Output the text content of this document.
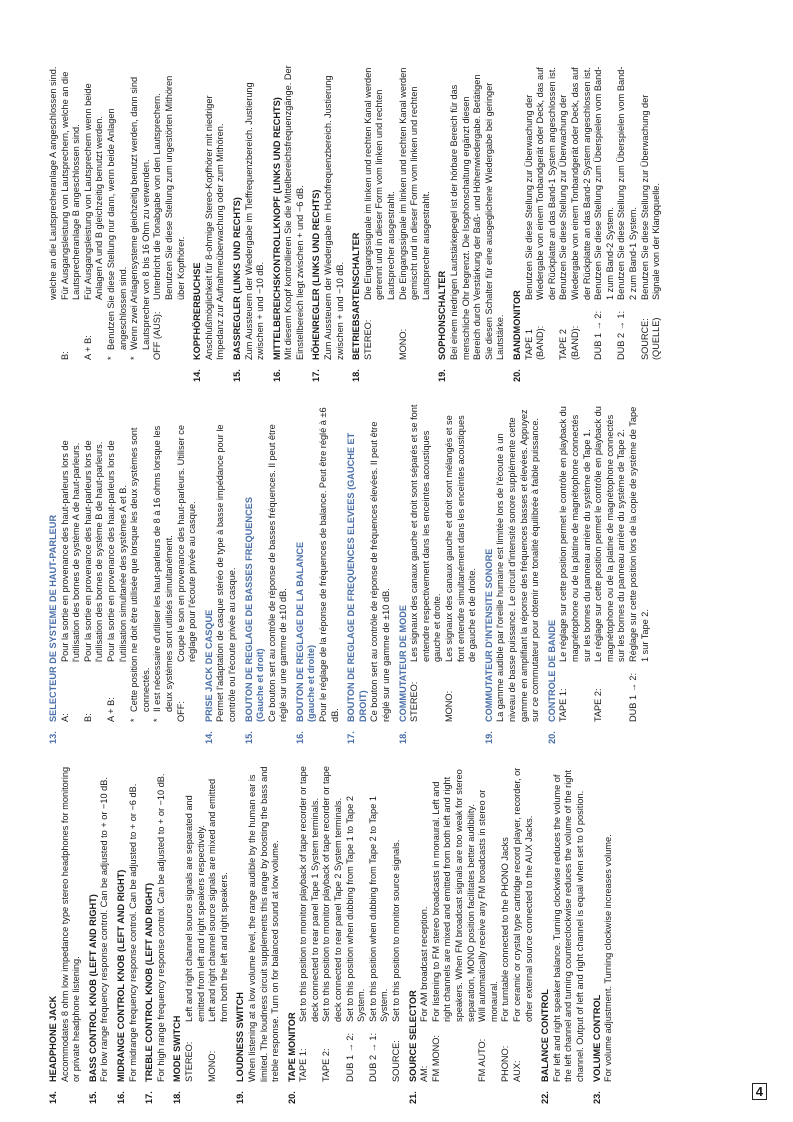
14.
HEADPHONE JACK Accommodates 8 ohm low impedance type stereo headphones for monitoring or private headphone listening.
15.
BASS CONTROL KNOB (LEFT AND RIGHT) For low range frequency response control. Can be adjusted to + or −10 dB.
16.
MIDRANGE CONTROL KNOB (LEFT AND RIGHT) For midrange frequency response control. Can be adjusted to + or −6 dB.
17.
TREBLE CONTROL KNOB (LEFT AND RIGHT) For high range frequency response control. Can be adjusted to + or −10 dB.
18.
MODE SWITCH STEREO:
Left and right channel source signals are separated and emitted from left and right speakers respectively.
MONO:
Left and right channel source signals are mixed and emitted from both the left and right speakers.
19.
LOUDNESS SWITCH When listening at a low volume level, the range audible by the human ear is limited. The loudness circuit supplements this range by boosting the bass and treble response. Turn on for balanced sound at low volume.
20.
TAPE MONITOR TAPE 1:
Set to this position to monitor playback of tape recorder or tape deck connected to rear panel Tape 1 System terminals.
TAPE 2:
Set to this position to monitor playback of tape recorder or tape deck connected to rear panel Tape 2 System terminals.
DUB 1 → 2:
Set to this position when dubbing from Tape 1 to Tape 2 System.
DUB 2 → 1:
Set to this position when dubbing from Tape 2 to Tape 1 System.
SOURCE:
Set to this position to monitor source signals.
21.
SOURCE SELECTOR AM:
For AM broadcast reception.
FM MONO:
For listening to FM stereo broadcasts in monaural. Left and right channels are mixed and emitted from both left and right speakers. When FM broadcast signals are too weak for stereo separation, MONO position facilitates better audibility.
FM AUTO:
Will automatically receive any FM broadcasts in stereo or monaural.
PHONO:
For turntable connected to the PHONO Jacks
AUX:
For ceramic or crystal type cartridge record player, recorder, or other external source connected to the AUX Jacks.
22.
BALANCE CONTROL For left and right speaker balance. Turning clockwise reduces the volume of the left channel and turning counterclockwise reduces the volume of the right channel. Output of left and right channel is equal when set to 0 position.
23.
VOLUME CONTROL For volume adjustment. Turning clockwise increases volume.
13.
SELECTEUR DE SYSTEME DE HAUT-PARLEUR A:
Pour la sortie en provenance des haut-parleurs lors de l'utilisation des bornes de système A de haut-parleurs.
B:
Pour la sortie en provenance des haut-parleurs lors de l'utilisation des bornes de système B de haut-parleurs.
A + B:
Pour la sortie en provenance des haut-parleurs lors de l'utilisation simultanée des systèmes A et B.
*
Cette position ne doit être utilisée que lorsque les deux systèmes sont connectés.
*
Il est nécessaire d'utiliser les haut-parleurs de 8 à 16 ohms lorsque les deux systèmes sont utilisés simultanément. OFF:
Coupe le son en provenance des haut-parleurs. Utiliser ce réglage pour l'écoute privée au casque.
14.
PRISE JACK DE CASQUE Permet l'adaptation de casque stéréo de type à basse impédance pour le contrôle ou l'écoute privée au casque.
15.
BOUTON DE REGLAGE DE BASSES FREQUENCES (Gauche et droit) Ce bouton sert au contrôle de réponse de basses fréquences. Il peut être réglé sur une gamme de ±10 dB.
16.
BOUTON DE REGLAGE DE LA BALANCE (gauche et droite) Pour le réglage de la réponse de fréquences de balance. Peut être réglé à ±6 dB.
17.
BOUTON DE REGLAGE DE FREQUENCES ELEVEES (GAUCHE ET DROIT) Ce bouton sert au contrôle de réponse de fréquences élevées. Il peut être réglé sur une gamme de ±10 dB.
18.
COMMUTATEUR DE MODE STEREO:
Les signaux des canaux gauche et droit sont séparés et se font entendre respectivement dans les enceintes acoustiques gauche et droite.
MONO:
Les signaux des canaux gauche et droit sont mélangés et se font entendre simultanément dans les enceintes acoustiques de gauche et de droite.
19.
COMMUTATEUR D'INTENSITE SONORE La gamme audible par l'oreille humaine est limitée lors de l'écoute à un niveau de basse puissance. Le circuit d'intensité sonore supplémente cette gamme en amplifiant la réponse des fréquences basses et élevées. Appuyez sur ce commutateur pour obtenir une tonalité équilibrée à faible puissance.
20.
CONTROLE DE BANDE TAPE 1:
Le réglage sur cette position permet le contrôle en playback du magnétophone ou de la platine de magnétophone connectés sur les bornes du panneau arrière du système de Tape 1.
TAPE 2:
Le réglage sur cette position permet le contrôle en playback du magnétophone ou de la platine de magnétophone connectés sur les bornes du panneau arrière du système de Tape 2.
DUB 1 → 2:
Réglage sur cette position lors de la copie de système de Tape 1 sur Tape 2.
welche an die Lautsprecheranlage A angeschlossen sind.
B:
Für Ausgangsleistung von Lautsprechern, welche an die Lautsprecheranlage B angeschlossen sind.
A + B:
Für Ausgangsleistung von Lautsprechern wenn beide Anlagen A und B gleichzeitig benutzt werden.
*
Benutzen Sie diese Stellung nur dann, wenn beide Anlagen angeschlossen sind.
*
Wenn zwei Anlagensysteme gleichzeitig benutzt werden, dann sind Lautsprecher von 8 bis 16 Ohm zu verwenden. OFF (AUS):
Unterbricht die Tonabgabe von den Lautsprechern. Benutzen Sie diese Stellung zum ungestörten Mithören über Kopfhörer.
14.
KOPFHÖRERBUCHSE Anschlußmöglichkeit für 8-ohmige Stereo-Kopfhörer mit niedriger Impedanz zur Aufnahmeüberwachung oder zum Mithören.
15.
BASSREGLER (LINKS UND RECHTS) Zum Aussteuern der Wiedergabe im Tieffrequenzbereich. Justierung zwischen + und −10 dB.
16.
MITTELBEREICHSKONTROLLKNOPF (LINKS UND RECHTS) Mit diesem Knopf kontrollieren Sie die Mittelbereichsfrequenzgänge. Der Einstellbereich liegt zwischen + und −6 dB.
17.
HÖHENREGLER (LINKS UND RECHTS) Zum Aussteuern der Wiedergabe im Hochfrequenzbereich. Justierung zwischen + und −10 dB.
18.
BETRIEBSARTENSCHALTER STEREO:
Die Eingangssignale im linken und rechten Kanal werden getrennt und in dieser Form vom linken und rechten Lautsprecher ausgestrahlt.
MONO:
Die Eingangssignale im linken und rechten Kanal werden gemischt und in dieser Form vom linken und rechten Lautsprecher ausgestrahlt.
19.
SOPHONSCHALTER Bei einem niedrigen Lautstärkepegel ist der hörbare Bereich für das menschliche Ohr begrenzt. Die Isophonschaltung ergänzt diesen Bereich durch Verstärkung der Baß- und Höhenwiedergabe. Betätigen Sie diesen Schalter für eine ausgeglichene Wiedergabe bei geringer Lautstärke.
20.
BANDMONITOR TAPE 1 (BAND):
Benutzen Sie diese Stellung zur Überwachung der Wiedergabe von einem Tonbandgerät oder Deck, das auf der Rückplatte an das Band-1 System angeschlossen ist.
TAPE 2 (BAND):
Benutzen Sie diese Stellung zur Überwachung der Wiedergabe von einem Tonbandgerät oder Deck, das auf der Rückplatte an das Band-2 System angeschlossen ist.
DUB 1 → 2:
Benutzen Sie diese Stellung zum Überspielen vom Band-1 zum Band-2 System.
DUB 2 → 1:
Benutzen Sie diese Stellung zum Überspielen vom Band-2 zum Band-1 System.
SOURCE: (QUELLE)
Benutzen Sie diese Stellung zur Überwachung der Signale von der Klangquelle.
4
